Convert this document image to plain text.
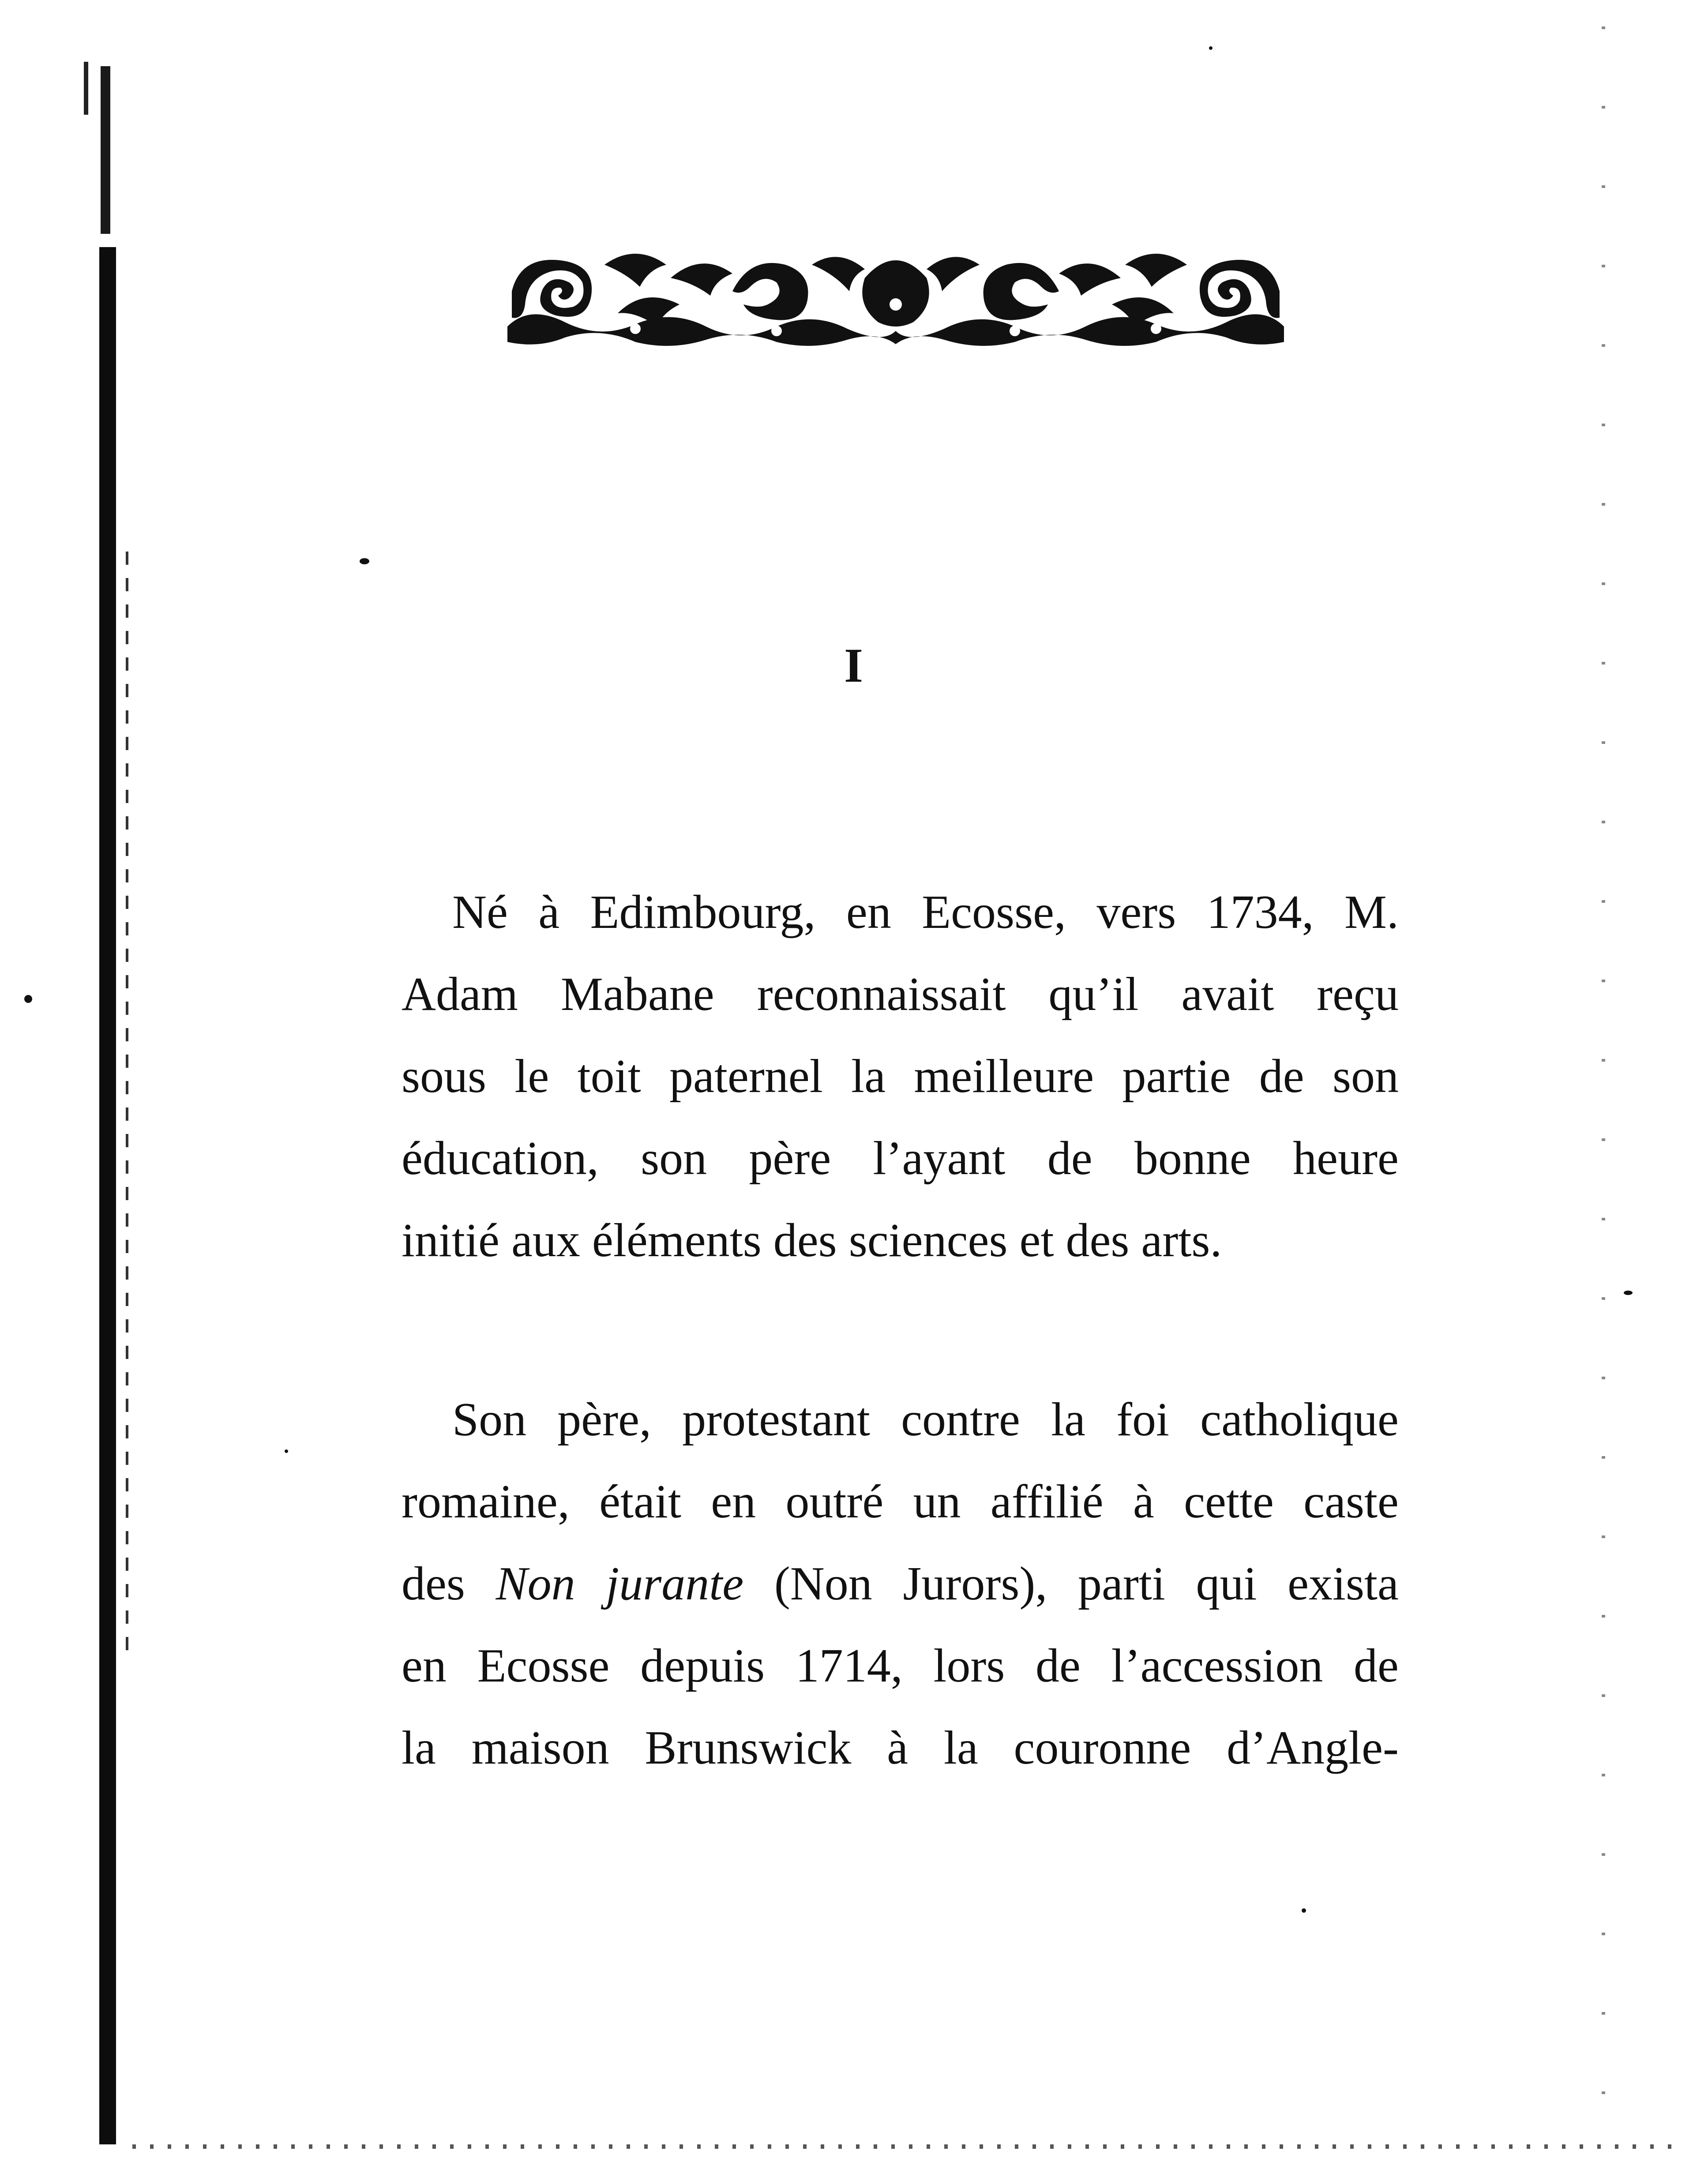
I
Né à Edimbourg, en Ecosse, vers 1734, M.
Adam Mabane reconnaissait qu’il avait reçu
sous le toit paternel la meilleure partie de son
éducation, son père l’ayant de bonne heure
initié aux éléments des sciences et des arts.
Son père, protestant contre la foi catholique
romaine, était en outré un affilié à cette caste
des Non jurante (Non Jurors), parti qui exista
en Ecosse depuis 1714, lors de l’accession de
la maison Brunswick à la couronne d’Angle-
